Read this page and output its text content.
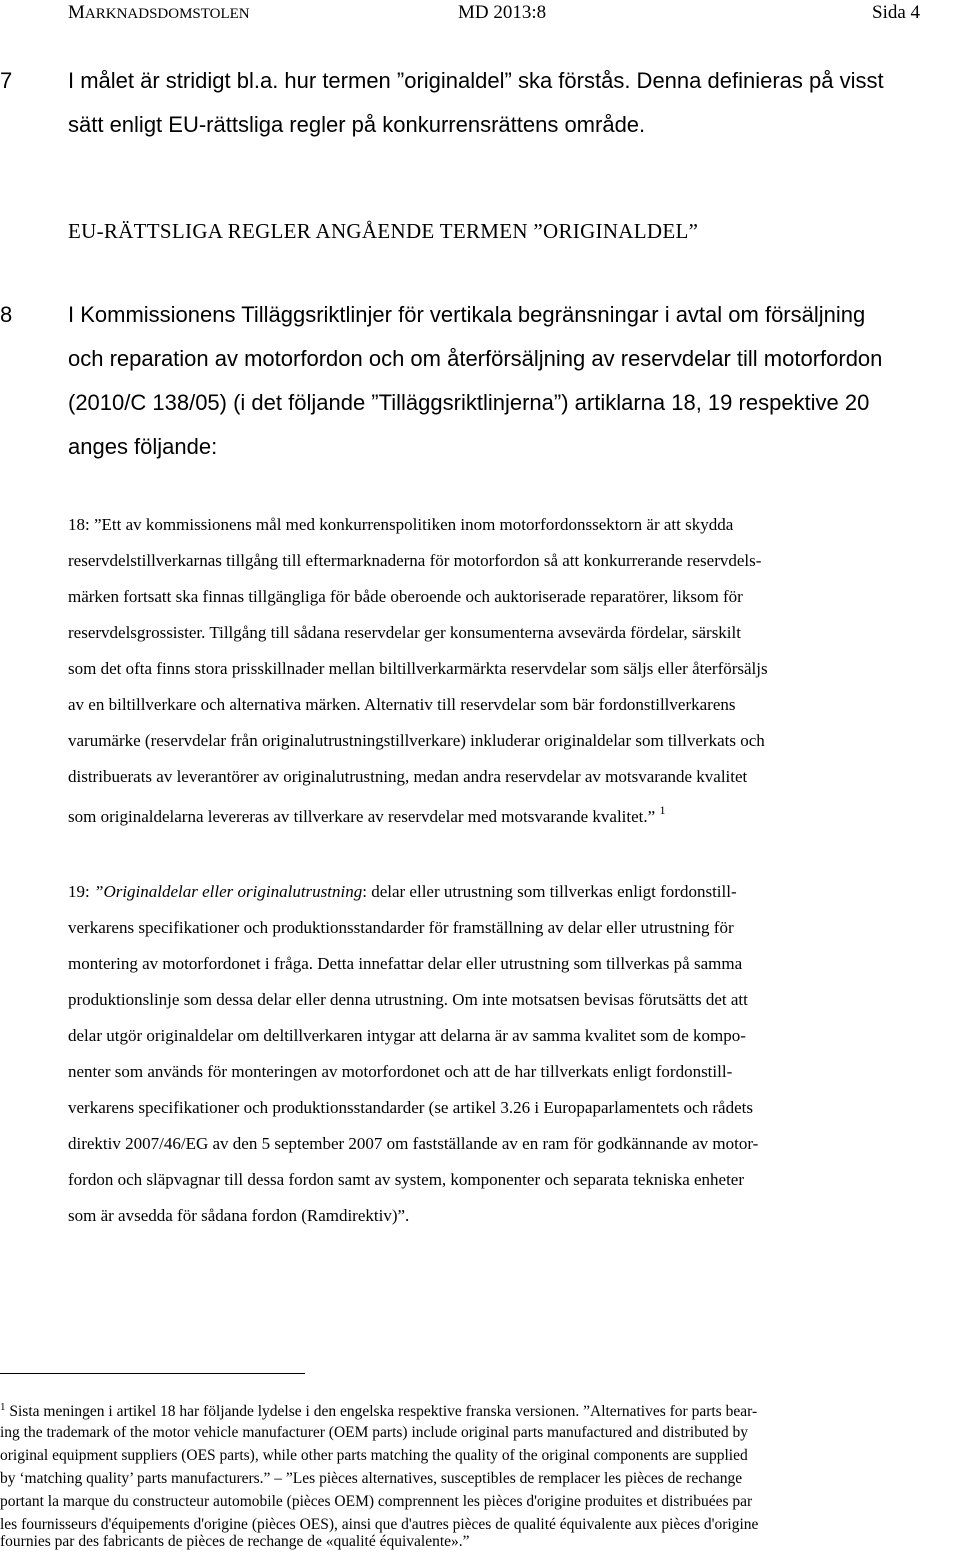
MARKNADSDOMSTOLEN	MD 2013:8	Sida 4
7	I målet är stridigt bl.a. hur termen ”originaldel” ska förstås. Denna definieras på visst
sätt enligt EU-rättsliga regler på konkurrensrättens område.
EU-RÄTTSLIGA REGLER ANGÅENDE TERMEN ”ORIGINALDEL”
8	I Kommissionens Tilläggsriktlinjer för vertikala begränsningar i avtal om försäljning
och reparation av motorfordon och om återförsäljning av reservdelar till motorfordon
(2010/C 138/05) (i det följande ”Tilläggsriktlinjerna”) artiklarna 18, 19 respektive 20
anges följande:
18: ”Ett av kommissionens mål med konkurrenspolitiken inom motorfordonssektorn är att skydda
reservdelstillverkarnas tillgång till eftermarknaderna för motorfordon så att konkurrerande reservdels-
märken fortsatt ska finnas tillgängliga för både oberoende och auktoriserade reparatörer, liksom för
reservdelsgrossister. Tillgång till sådana reservdelar ger konsumenterna avsevärda fördelar, särskilt
som det ofta finns stora prisskillnader mellan biltillverkarmärkta reservdelar som säljs eller återförsäljs
av en biltillverkare och alternativa märken. Alternativ till reservdelar som bär fordonstillverkarens
varumärke (reservdelar från originalutrustningstillverkare) inkluderar originaldelar som tillverkats och
distribuerats av leverantörer av originalutrustning, medan andra reservdelar av motsvarande kvalitet
som originaldelarna levereras av tillverkare av reservdelar med motsvarande kvalitet.” $^1$
19: ”Originaldelar eller originalutrustning: delar eller utrustning som tillverkas enligt fordonstill-
verkarens specifikationer och produktionsstandarder för framställning av delar eller utrustning för
montering av motorfordonet i fråga. Detta innefattar delar eller utrustning som tillverkas på samma
produktionslinje som dessa delar eller denna utrustning. Om inte motsatsen bevisas förutsätts det att
delar utgör originaldelar om deltillverkaren intygar att delarna är av samma kvalitet som de kompo-
nenter som används för monteringen av motorfordonet och att de har tillverkats enligt fordonstill-
verkarens specifikationer och produktionsstandarder (se artikel 3.26 i Europaparlamentets och rådets
direktiv 2007/46/EG av den 5 september 2007 om fastställande av en ram för godkännande av motor-
fordon och släpvagnar till dessa fordon samt av system, komponenter och separata tekniska enheter
som är avsedda för sådana fordon (Ramdirektiv)”.
$^1$ Sista meningen i artikel 18 har följande lydelse i den engelska respektive franska versionen. ”Alternatives for parts bear-
ing the trademark of the motor vehicle manufacturer (OEM parts) include original parts manufactured and distributed by
original equipment suppliers (OES parts), while other parts matching the quality of the original components are supplied
by ‘matching quality’ parts manufacturers.” – ”Les pièces alternatives, susceptibles de remplacer les pièces de rechange
portant la marque du constructeur automobile (pièces OEM) comprennent les pièces d'origine produites et distribuées par
les fournisseurs d'équipements d'origine (pièces OES), ainsi que d'autres pièces de qualité équivalente aux pièces d'origine
fournies par des fabricants de pièces de rechange de «qualité équivalente».”
